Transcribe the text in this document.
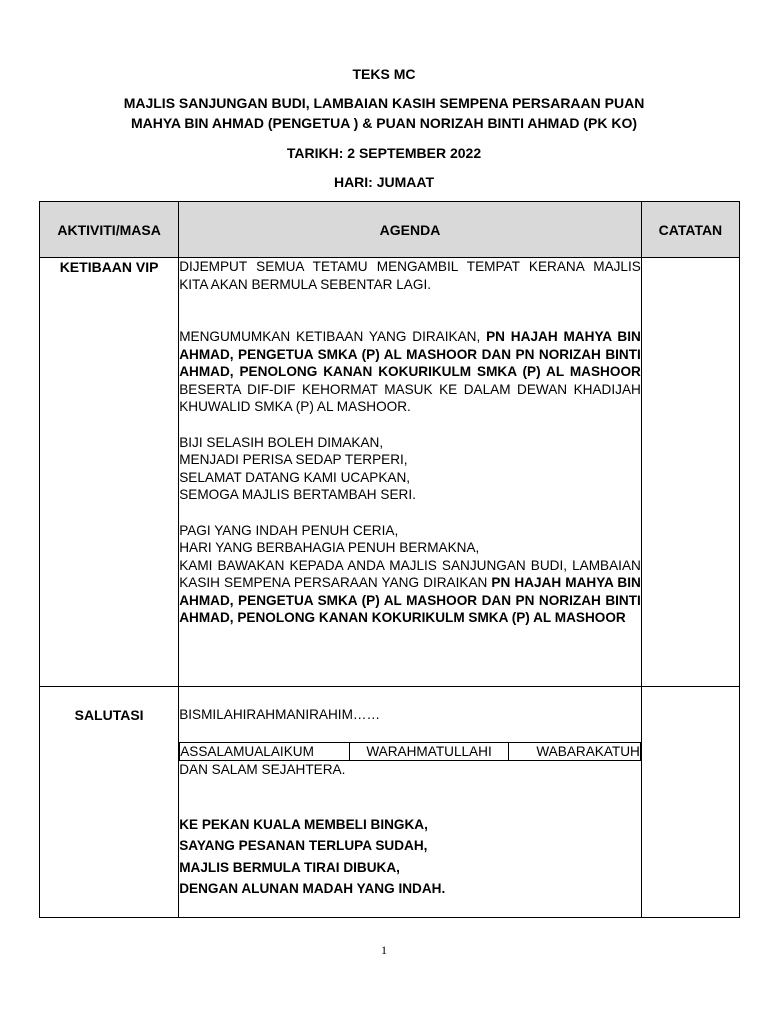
TEKS MC
MAJLIS SANJUNGAN BUDI, LAMBAIAN KASIH SEMPENA PERSARAAN PUAN
MAHYA BIN AHMAD (PENGETUA ) & PUAN NORIZAH BINTI AHMAD (PK KO)
TARIKH: 2 SEPTEMBER 2022
HARI: JUMAAT
AKTIVITI/MASA	AGENDA	CATATAN

KETIBAAN VIP	DIJEMPUT SEMUA TETAMU MENGAMBIL TEMPAT KERANA MAJLIS KITA AKAN BERMULA SEBENTAR LAGI.

MENGUMUMKAN KETIBAAN YANG DIRAIKAN, PN HAJAH MAHYA BIN AHMAD, PENGETUA SMKA (P) AL MASHOOR DAN PN NORIZAH BINTI AHMAD, PENOLONG KANAN KOKURIKULM SMKA (P) AL MASHOOR BESERTA DIF-DIF KEHORMAT MASUK KE DALAM DEWAN KHADIJAH KHUWALID SMKA (P) AL MASHOOR.

BIJI SELASIH BOLEH DIMAKAN,
MENJADI PERISA SEDAP TERPERI,
SELAMAT DATANG KAMI UCAPKAN,
SEMOGA MAJLIS BERTAMBAH SERI.
PAGI YANG INDAH PENUH CERIA,
HARI YANG BERBAHAGIA PENUH BERMAKNA,

KAMI BAWAKAN KEPADA ANDA MAJLIS SANJUNGAN BUDI, LAMBAIAN KASIH SEMPENA PERSARAAN YANG DIRAIKAN PN HAJAH MAHYA BIN AHMAD, PENGETUA SMKA (P) AL MASHOOR DAN PN NORIZAH BINTI AHMAD, PENOLONG KANAN KOKURIKULM SMKA (P) AL MASHOOR

SALUTASI	BISMILAHIRAHMANIRAHIM……
ASSALAMUALAIKUM	WARAHMATULLAHI	WABARAKATUH
DAN SALAM SEJAHTERA.
KE PEKAN KUALA MEMBELI BINGKA,
SAYANG PESANAN TERLUPA SUDAH,
MAJLIS BERMULA TIRAI DIBUKA,
DENGAN ALUNAN MADAH YANG INDAH.

1
